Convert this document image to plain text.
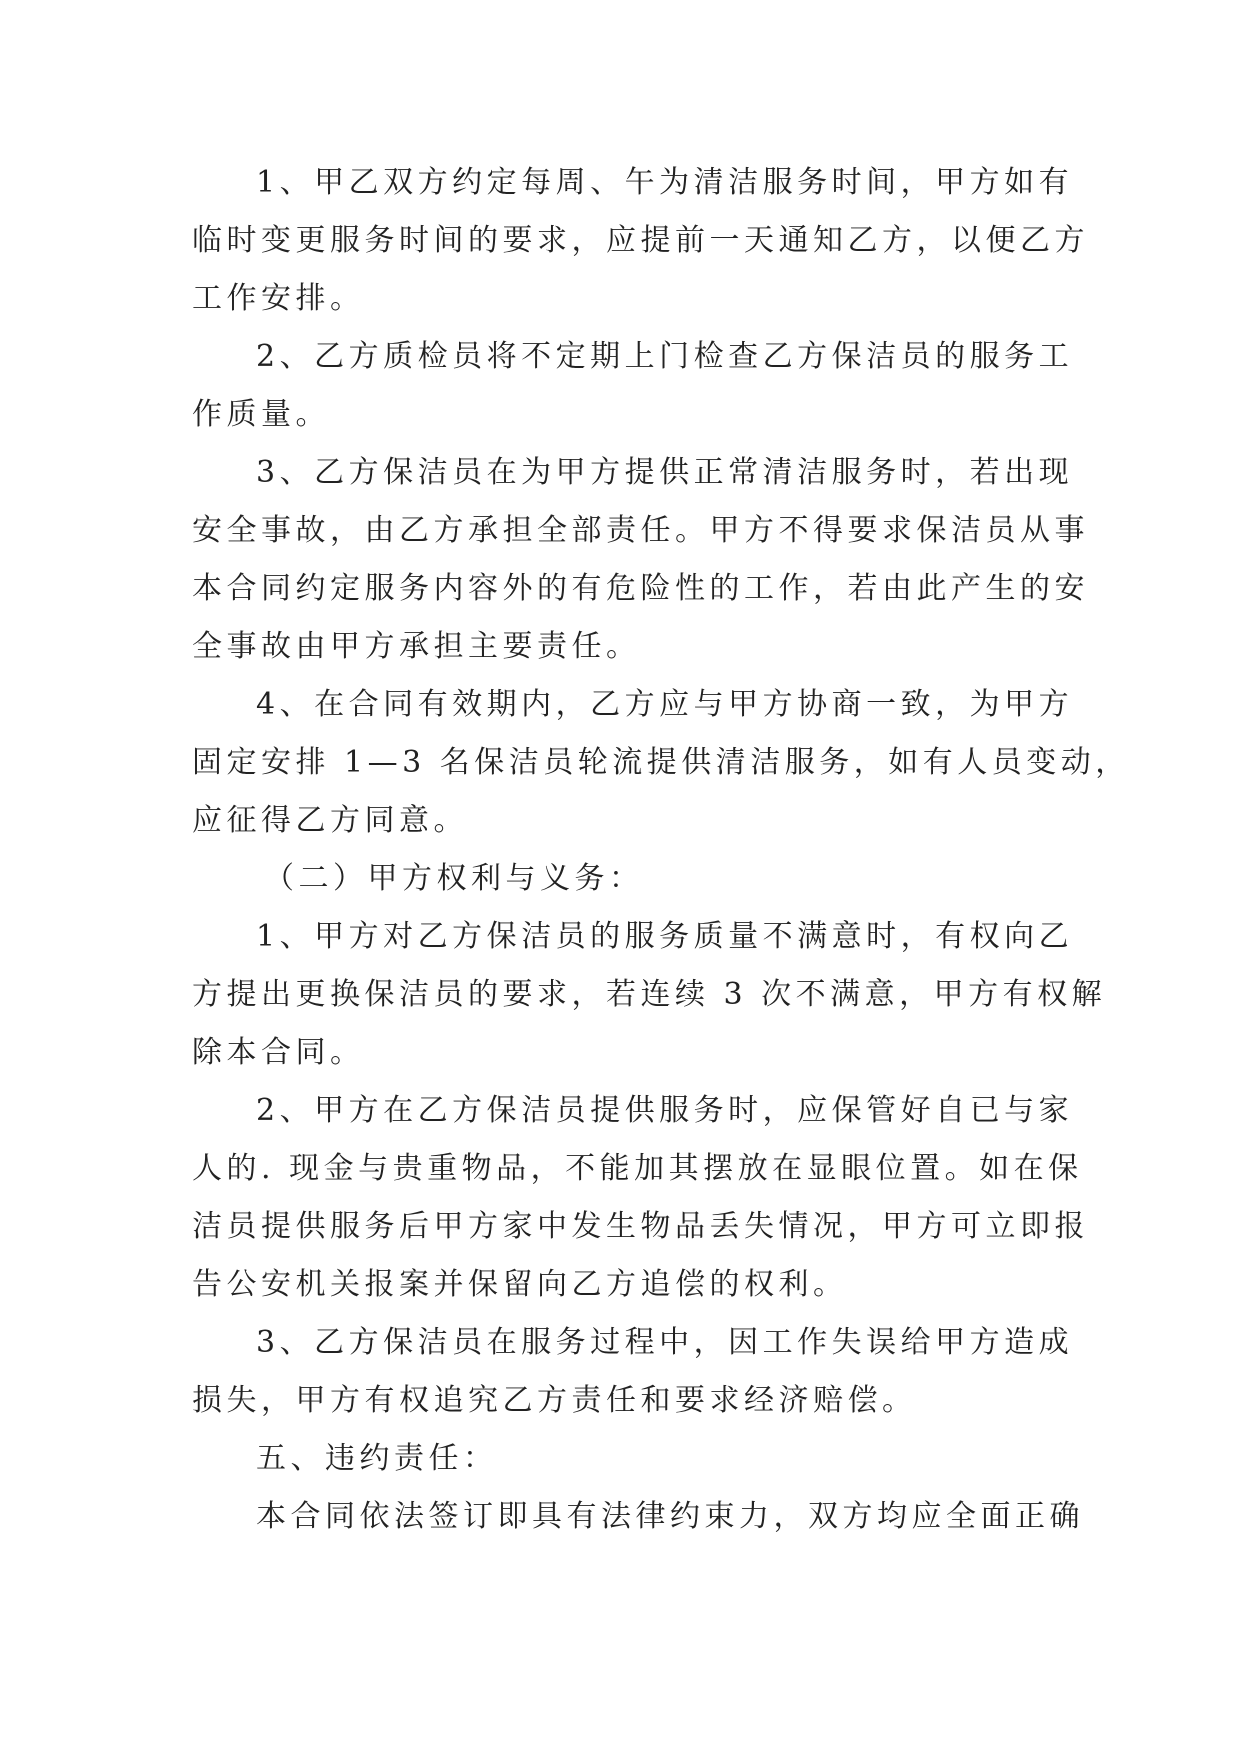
1、甲乙双方约定每周、午为清洁服务时间，甲方如有
临时变更服务时间的要求，应提前一天通知乙方，以便乙方
工作安排。
2、乙方质检员将不定期上门检查乙方保洁员的服务工
作质量。
3、乙方保洁员在为甲方提供正常清洁服务时，若出现
安全事故，由乙方承担全部责任。甲方不得要求保洁员从事
本合同约定服务内容外的有危险性的工作，若由此产生的安
全事故由甲方承担主要责任。
4、在合同有效期内，乙方应与甲方协商一致，为甲方
固定安排 1—3 名保洁员轮流提供清洁服务，如有人员变动，
应征得乙方同意。
（二）甲方权利与义务：
1、甲方对乙方保洁员的服务质量不满意时，有权向乙
方提出更换保洁员的要求，若连续 3 次不满意，甲方有权解
除本合同。
2、甲方在乙方保洁员提供服务时，应保管好自已与家
人的. 现金与贵重物品，不能加其摆放在显眼位置。如在保
洁员提供服务后甲方家中发生物品丢失情况，甲方可立即报
告公安机关报案并保留向乙方追偿的权利。
3、乙方保洁员在服务过程中，因工作失误给甲方造成
损失，甲方有权追究乙方责任和要求经济赔偿。
五、违约责任：
本合同依法签订即具有法律约束力，双方均应全面正确
